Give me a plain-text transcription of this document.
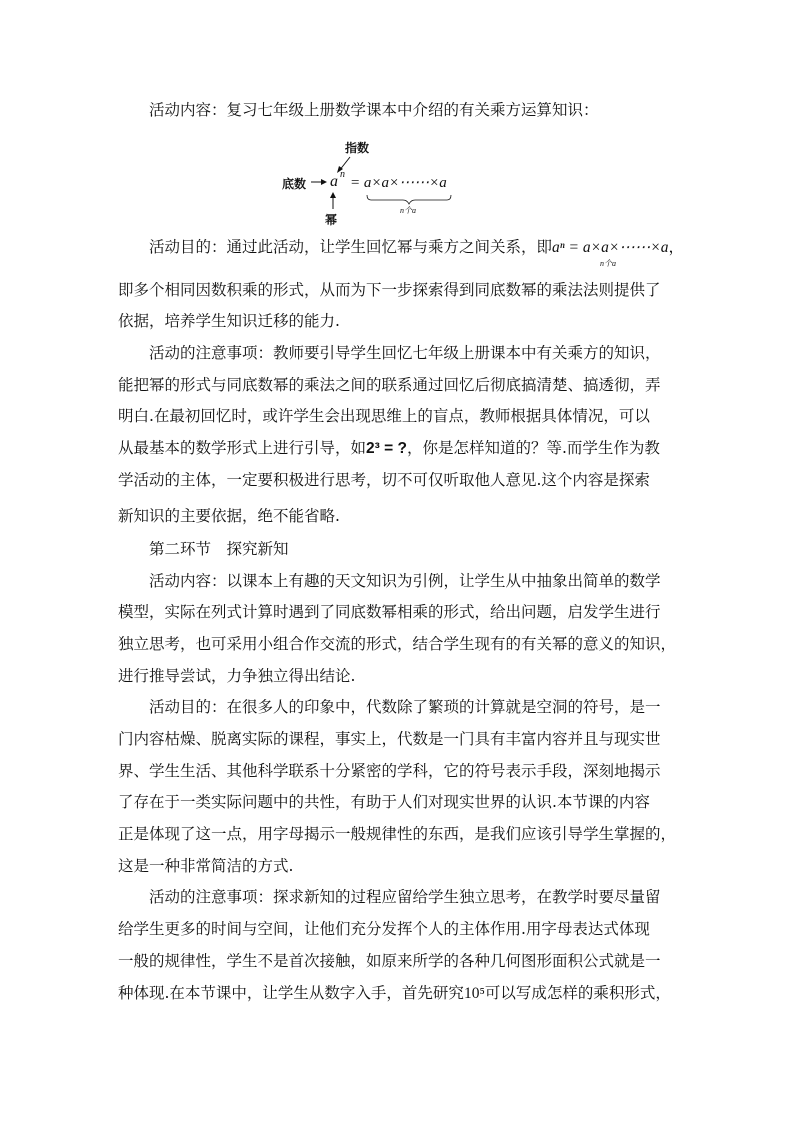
活动内容：复习七年级上册数学课本中介绍的有关乘方运算知识：
指数
底数 a n
= a×a×⋯⋯×a
n个a
幂
活动目的：通过此活动，让学生回忆幂与乘方之间关系，即aⁿ = a×a×⋯⋯×a
n个a
，
即多个相同因数积乘的形式，从而为下一步探索得到同底数幂的乘法法则提供了
依据，培养学生知识迁移的能力.
活动的注意事项：教师要引导学生回忆七年级上册课本中有关乘方的知识，
能把幂的形式与同底数幂的乘法之间的联系通过回忆后彻底搞清楚、搞透彻，弄
明白.在最初回忆时，或许学生会出现思维上的盲点，教师根据具体情况，可以
从最基本的数学形式上进行引导，如2³ = ?，你是怎样知道的？等.而学生作为教
学活动的主体，一定要积极进行思考，切不可仅听取他人意见.这个内容是探索
新知识的主要依据，绝不能省略.
第二环节　探究新知
活动内容：以课本上有趣的天文知识为引例，让学生从中抽象出简单的数学
模型，实际在列式计算时遇到了同底数幂相乘的形式，给出问题，启发学生进行
独立思考，也可采用小组合作交流的形式，结合学生现有的有关幂的意义的知识，
进行推导尝试，力争独立得出结论.
活动目的：在很多人的印象中，代数除了繁琐的计算就是空洞的符号，是一
门内容枯燥、脱离实际的课程，事实上，代数是一门具有丰富内容并且与现实世
界、学生生活、其他科学联系十分紧密的学科，它的符号表示手段，深刻地揭示
了存在于一类实际问题中的共性，有助于人们对现实世界的认识.本节课的内容
正是体现了这一点，用字母揭示一般规律性的东西，是我们应该引导学生掌握的，
这是一种非常简洁的方式.
活动的注意事项：探求新知的过程应留给学生独立思考，在教学时要尽量留
给学生更多的时间与空间，让他们充分发挥个人的主体作用.用字母表达式体现
一般的规律性，学生不是首次接触，如原来所学的各种几何图形面积公式就是一
种体现.在本节课中，让学生从数字入手，首先研究10⁵可以写成怎样的乘积形式，
